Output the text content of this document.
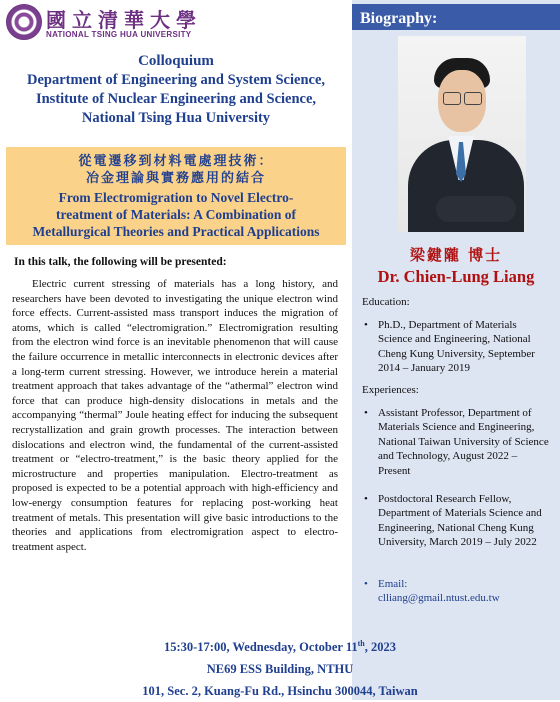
國立清華大學
NATIONAL TSING HUA UNIVERSITY
Colloquium
Department of Engineering and System Science,
Institute of Nuclear Engineering and Science,
National Tsing Hua University
從電遷移到材料電處理技術：
冶金理論與實務應用的結合
From Electromigration to Novel Electro-
treatment of Materials: A Combination of
Metallurgical Theories and Practical Applications
In this talk, the following will be presented:
Electric current stressing of materials has a long history, and researchers have been devoted to investigating the unique electron wind force effects. Current-assisted mass transport induces the migration of atoms, which is called “electromigration.” Electromigration resulting from the electron wind force is an inevitable phenomenon that will cause the failure occurrence in metallic interconnects in electronic devices after a long-term current stressing. However, we introduce herein a material treatment approach that takes advantage of the “athermal” electron wind force that can produce high-density dislocations in metals and the accompanying “thermal” Joule heating effect for inducing the subsequent recrystallization and grain growth processes. The interaction between dislocations and electron wind, the fundamental of the current-assisted treatment or “electro-treatment,” is the basic theory applied for the microstructure and properties manipulation. Electro-treatment as proposed is expected to be a potential approach with high-efficiency and low-energy consumption features for replacing post-working heat treatment of metals. This presentation will give basic introductions to the theories and applications from electromigration aspect to electro-treatment aspect.
Biography:
梁鍵隴 博士
Dr. Chien-Lung Liang
Education:
• Ph.D., Department of Materials Science and Engineering, National Cheng Kung University, September 2014 – January 2019
Experiences:
• Assistant Professor, Department of Materials Science and Engineering, National Taiwan University of Science and Technology, August 2022 – Present
• Postdoctoral Research Fellow, Department of Materials Science and Engineering, National Cheng Kung University, March 2019 – July 2022
• Email:
clliang@gmail.ntust.edu.tw
15:30-17:00, Wednesday, October 11th, 2023
NE69 ESS Building, NTHU
101, Sec. 2, Kuang-Fu Rd., Hsinchu 300044, Taiwan
